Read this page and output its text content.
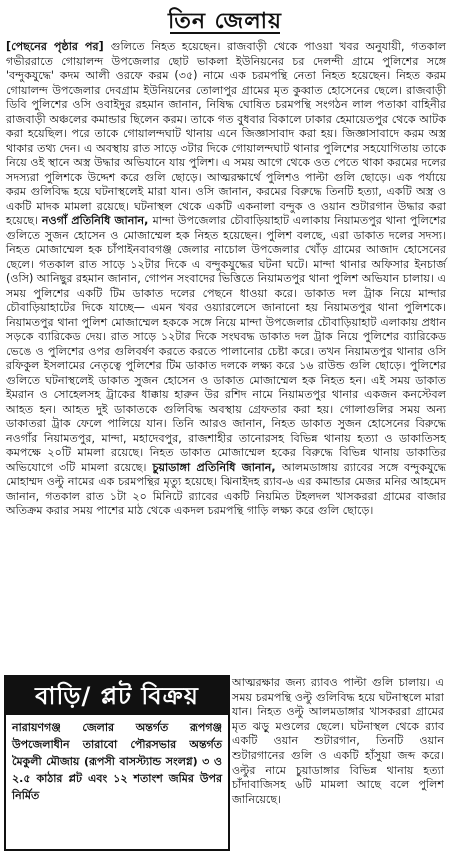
তিন জেলায়

[পেছনের পৃষ্ঠার পর] গুলিতে নিহত হয়েছেন। রাজবাড়ী থেকে পাওয়া খবর অনুযায়ী, গতকাল গভীররাতে গোয়ালন্দ উপজেলার ছোট ভাকলা ইউনিয়নের চর দেলন্দী গ্রামে পুলিশের সঙ্গে 'বন্দুকযুদ্ধে' কদম আলী ওরফে করম (৩৫) নামে এক চরমপন্থি নেতা নিহত হয়েছেন। নিহত করম গোয়ালন্দ উপজেলার দেবগ্রাম ইউনিয়নের তোলাপুর গ্রামের মৃত কুব্বাত হোসেনের ছেলে। রাজবাড়ী ডিবি পুলিশের ওসি ওবাইদুর রহমান জানান, নিষিদ্ধ ঘোষিত চরমপন্থি সংগঠন লাল পতাকা বাহিনীর রাজবাড়ী অঞ্চলের কমান্ডার ছিলেন করম। তাকে গত বুধবার বিকালে ঢাকার হেমায়েতপুর থেকে আটক করা হয়েছিল। পরে তাকে গোয়ালন্দঘাট থানায় এনে জিজ্ঞাসাবাদ করা হয়। জিজ্ঞাসাবাদে করম অস্ত্র থাকার তথ্য দেন। এ অবস্থায় রাত সাড়ে ৩টার দিকে গোয়ালন্দঘাট থানার পুলিশের সহযোগিতায় তাকে নিয়ে ওই স্থানে অস্ত্র উদ্ধার অভিযানে যায় পুলিশ। এ সময় আগে থেকে ওত পেতে থাকা করমের দলের সদস্যরা পুলিশকে উদ্দেশ করে গুলি ছোড়ে। আত্মরক্ষার্থে পুলিশও পাল্টা গুলি ছোড়ে। এক পর্যায়ে করম গুলিবিদ্ধ হয়ে ঘটনাস্থলেই মারা যান। ওসি জানান, করমের বিরুদ্ধে তিনটি হত্যা, একটি অস্ত্র ও একটি মাদক মামলা রয়েছে। ঘটনাস্থল থেকে একটি একনালা বন্দুক ও ওয়ান শুটারগান উদ্ধার করা হয়েছে। নওগাঁ প্রতিনিধি জানান, মান্দা উপজেলার চৌবাড়িয়াহাট এলাকায় নিয়ামতপুর থানা পুলিশের গুলিতে সুজন হোসেন ও মোজাম্মেল হক নিহত হয়েছেন। পুলিশ বলছে, এরা ডাকাত দলের সদস্য। নিহত মোজাম্মেল হক চাঁপাইনবাবগঞ্জ জেলার নাচোল উপজেলার খোঁড় গ্রামের আজাদ হোসেনের ছেলে। গতকাল রাত সাড়ে ১২টার দিকে এ বন্দুকযুদ্ধের ঘটনা ঘটে। মান্দা থানার অফিসার ইনচার্জ (ওসি) আনিছুর রহমান জানান, গোপন সংবাদের ভিত্তিতে নিয়ামতপুর থানা পুলিশ অভিযান চালায়। এ সময় পুলিশের একটি টিম ডাকাত দলের পেছনে ধাওয়া করে। ডাকাত দল ট্রাক নিয়ে মান্দার চৌবাড়িয়াহাটের দিকে যাচ্ছে— এমন খবর ওয়্যারলেসে জানানো হয় নিয়ামতপুর থানা পুলিশকে। নিয়ামতপুর থানা পুলিশ মোজাম্মেল হককে সঙ্গে নিয়ে মান্দা উপজেলার চৌবাড়িয়াহাট এলাকায় প্রধান সড়কে ব্যারিকেড দেয়। রাত সাড়ে ১২টার দিকে সংঘবদ্ধ ডাকাত দল ট্রাক নিয়ে পুলিশের ব্যারিকেড ভেঙে ও পুলিশের ওপর গুলিবর্ষণ করতে করতে পালানোর চেষ্টা করে। তখন নিয়ামতপুর থানার ওসি রফিকুল ইসলামের নেতৃত্বে পুলিশের টিম ডাকাত দলকে লক্ষ্য করে ১৬ রাউন্ড গুলি ছোড়ে। পুলিশের গুলিতে ঘটনাস্থলেই ডাকাত সুজন হোসেন ও ডাকাত মোজাম্মেল হক নিহত হন। এই সময় ডাকাত ইমরান ও সোহেলসহ ট্রাকের ধাক্কায় হারুন উর রশিদ নামে নিয়ামতপুর থানার একজন কনস্টেবল আহত হন। আহত দুই ডাকাতকে গুলিবিদ্ধ অবস্থায় গ্রেফতার করা হয়। গোলাগুলির সময় অন্য ডাকাতরা ট্রাক ফেলে পালিয়ে যান। তিনি আরও জানান, নিহত ডাকাত সুজন হোসেনের বিরুদ্ধে নওগাঁর নিয়ামতপুর, মান্দা, মহাদেবপুর, রাজশাহীর তানোরসহ বিভিন্ন থানায় হত্যা ও ডাকাতিসহ কমপক্ষে ২০টি মামলা রয়েছে। নিহত ডাকাত মোজাম্মেল হকের বিরুদ্ধে বিভিন্ন থানায় ডাকাতির অভিযোগে ৩টি মামলা রয়েছে। চুয়াডাঙ্গা প্রতিনিধি জানান, আলমডাঙ্গায় র‍্যাবের সঙ্গে বন্দুকযুদ্ধে মোহাম্মদ ওল্টু নামের এক চরমপন্থির মৃত্যু হয়েছে। ঝিনাইদহ র‍্যাব-৬ এর কমান্ডার মেজর মনির আহমেদ জানান, গতকাল রাত ১টা ২০ মিনিটে র‍্যাবের একটি নিয়মিত টহলদল খাসকররা গ্রামের বাজার অতিক্রম করার সময় পাশের মাঠ থেকে একদল চরমপন্থি গাড়ি লক্ষ্য করে গুলি ছোড়ে।

বাড়ি/ প্লট বিক্রয়
নারায়ণগঞ্জ জেলার অন্তর্গত রূপগঞ্জ উপজেলাধীন তারাবো পৌরসভার অন্তর্গত মৈকুলী মৌজায় (রূপসী বাসস্ট্যান্ড সংলগ্ন) ৩ ও ২.৫ কাঠার প্লট এবং ১২ শতাংশ জমির উপর নির্মিত

আত্মরক্ষার জন্য র‍্যাবও পাল্টা গুলি চালায়। এ সময় চরমপন্থি ওল্টু গুলিবিদ্ধ হয়ে ঘটনাস্থলে মারা যান। নিহত ওল্টু আলমডাঙ্গার খাসকররা গ্রামের মৃত ঝড়ু মণ্ডলের ছেলে। ঘটনাস্থল থেকে র‍্যাব একটি ওয়ান শুটারগান, তিনটি ওয়ান শুটারগানের গুলি ও একটি হাঁসুয়া জব্দ করে। ওল্টুর নামে চুয়াডাঙ্গার বিভিন্ন থানায় হত্যা চাঁদাবাজিসহ ৬টি মামলা আছে বলে পুলিশ জানিয়েছে।
